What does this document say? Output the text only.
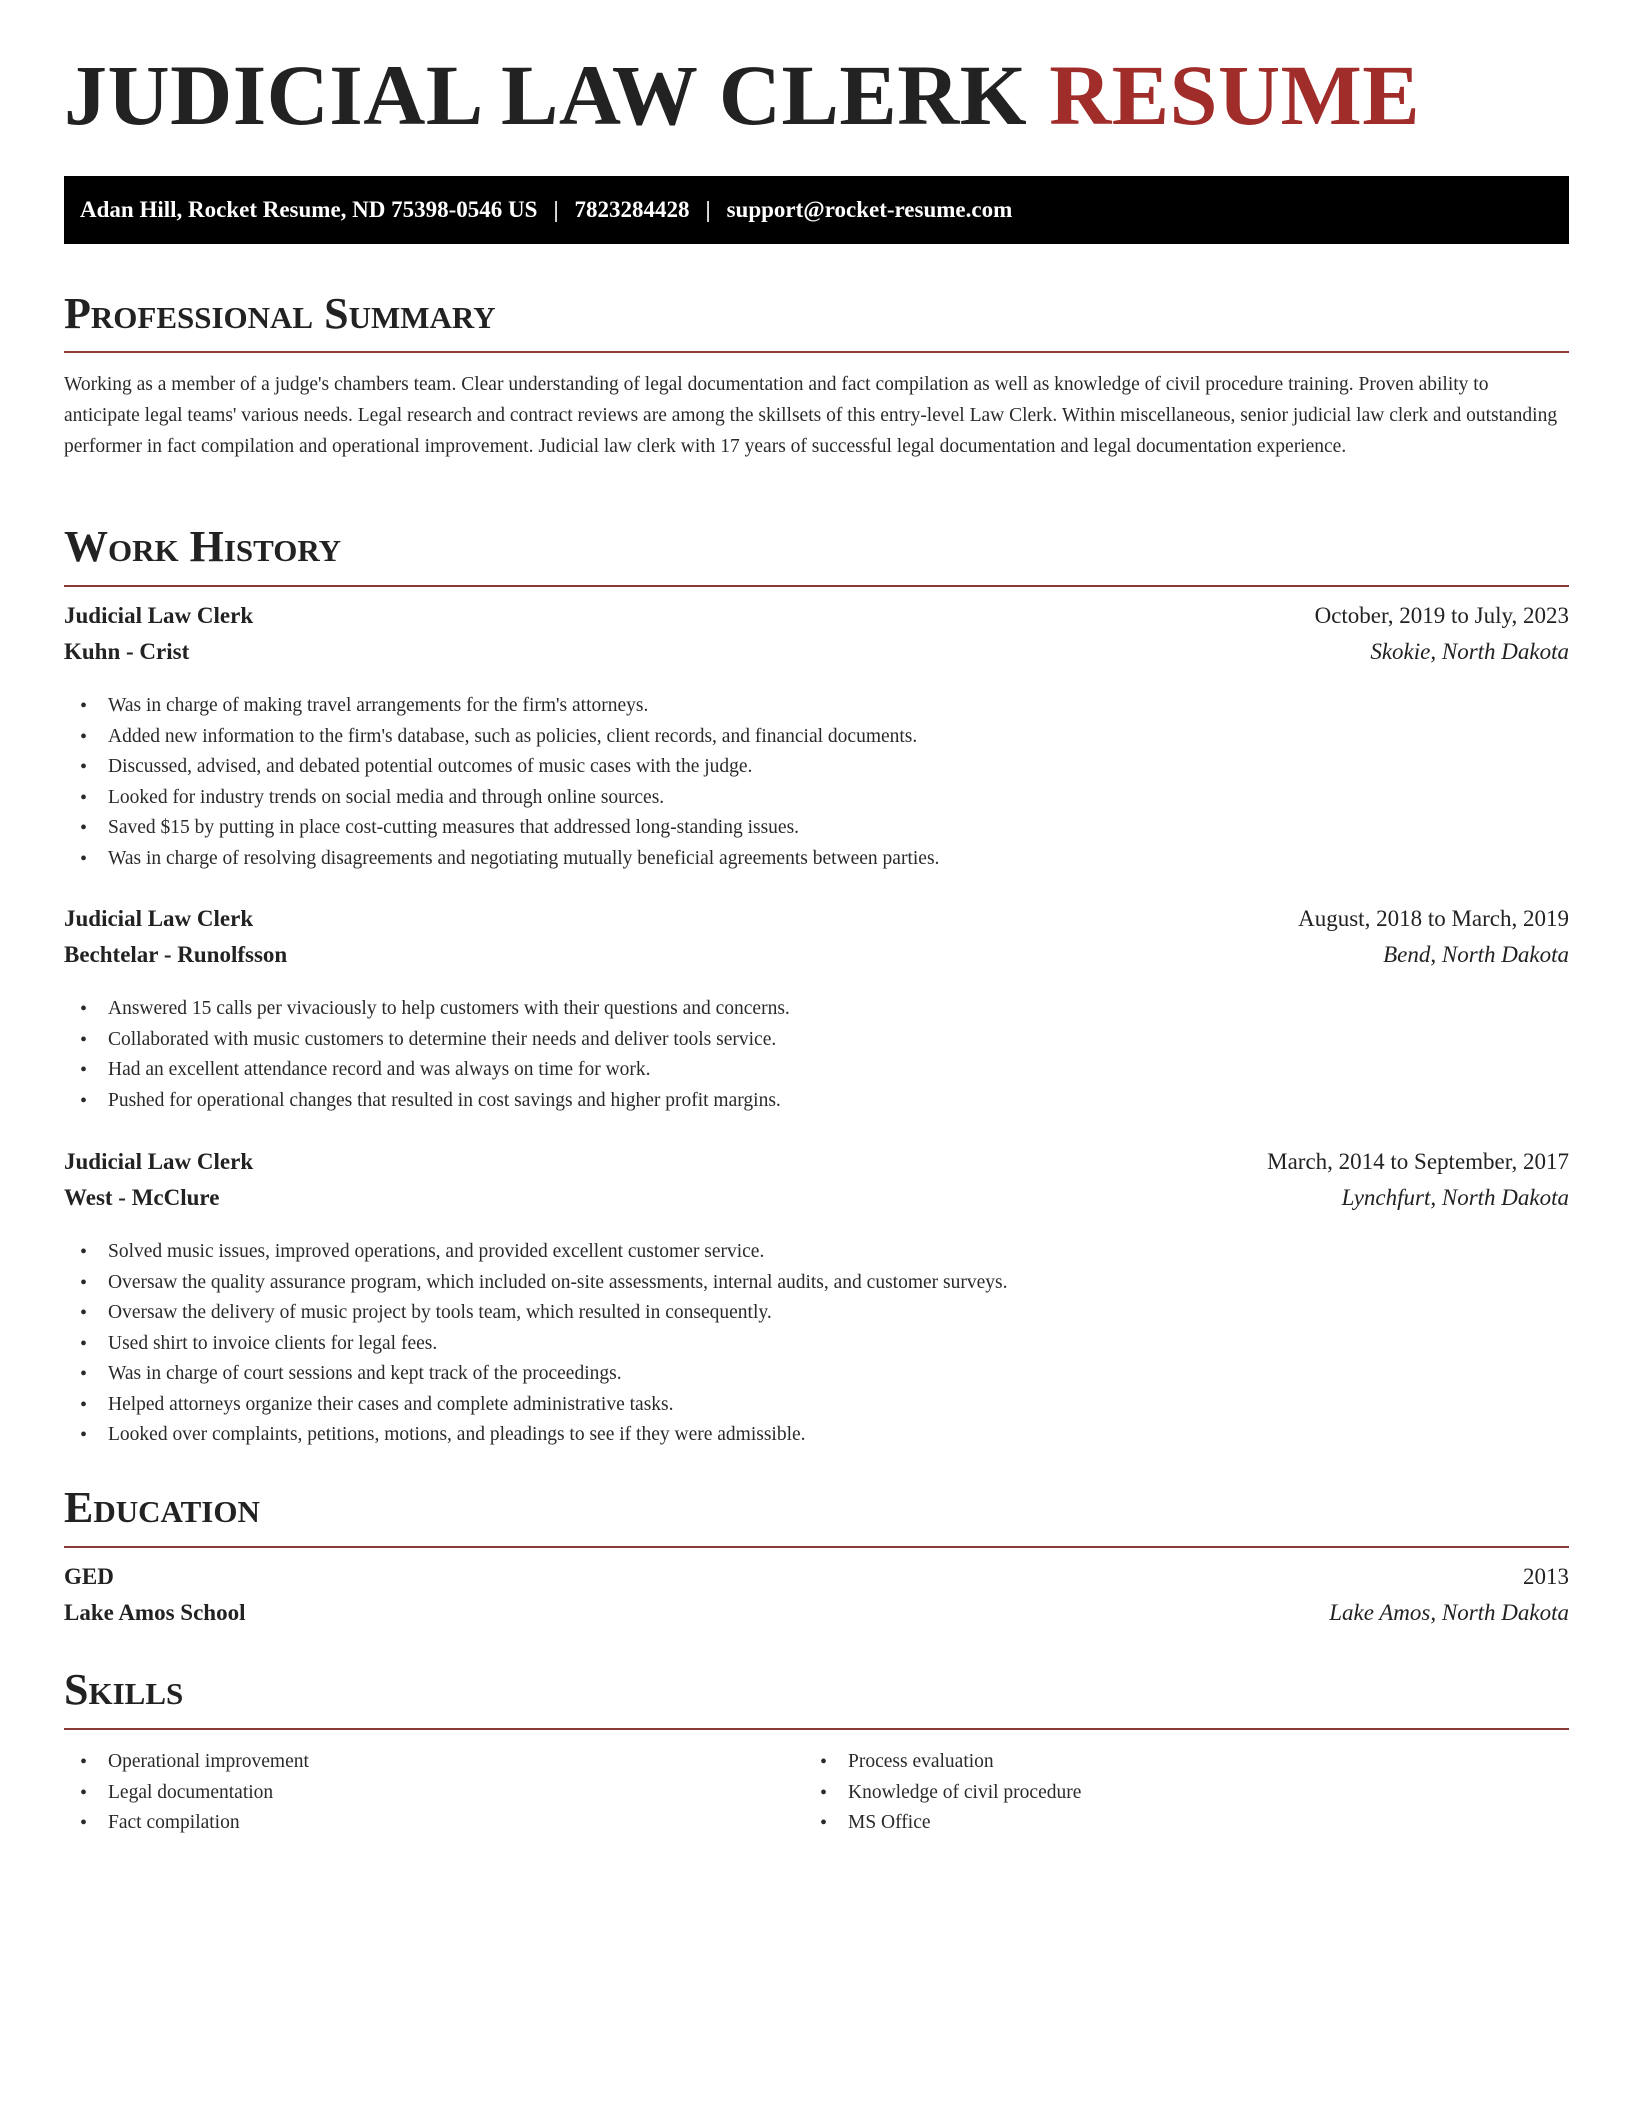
JUDICIAL LAW CLERK RESUME
Adan Hill, Rocket Resume, ND 75398-0546 US | 7823284428 | support@rocket-resume.com
Professional Summary

Working as a member of a judge's chambers team. Clear understanding of legal documentation and fact compilation as well as knowledge of civil procedure training. Proven ability to anticipate legal teams' various needs. Legal research and contract reviews are among the skillsets of this entry-level Law Clerk. Within miscellaneous, senior judicial law clerk and outstanding performer in fact compilation and operational improvement. Judicial law clerk with 17 years of successful legal documentation and legal documentation experience.

Work History
Judicial Law Clerk	October, 2019 to July, 2023
Kuhn - Crist	Skokie, North Dakota
• Was in charge of making travel arrangements for the firm's attorneys.
• Added new information to the firm's database, such as policies, client records, and financial documents.
• Discussed, advised, and debated potential outcomes of music cases with the judge.
• Looked for industry trends on social media and through online sources.
• Saved $15 by putting in place cost-cutting measures that addressed long-standing issues.
• Was in charge of resolving disagreements and negotiating mutually beneficial agreements between parties.
Judicial Law Clerk	August, 2018 to March, 2019
Bechtelar - Runolfsson	Bend, North Dakota
• Answered 15 calls per vivaciously to help customers with their questions and concerns.
• Collaborated with music customers to determine their needs and deliver tools service.
• Had an excellent attendance record and was always on time for work.
• Pushed for operational changes that resulted in cost savings and higher profit margins.
Judicial Law Clerk	March, 2014 to September, 2017
West - McClure	Lynchfurt, North Dakota
• Solved music issues, improved operations, and provided excellent customer service.
• Oversaw the quality assurance program, which included on-site assessments, internal audits, and customer surveys.
• Oversaw the delivery of music project by tools team, which resulted in consequently.
• Used shirt to invoice clients for legal fees.
• Was in charge of court sessions and kept track of the proceedings.
• Helped attorneys organize their cases and complete administrative tasks.
• Looked over complaints, petitions, motions, and pleadings to see if they were admissible.
Education
GED	2013
Lake Amos School	Lake Amos, North Dakota
Skills
• Operational improvement
• Legal documentation
• Fact compilation
• Process evaluation
• Knowledge of civil procedure
• MS Office
